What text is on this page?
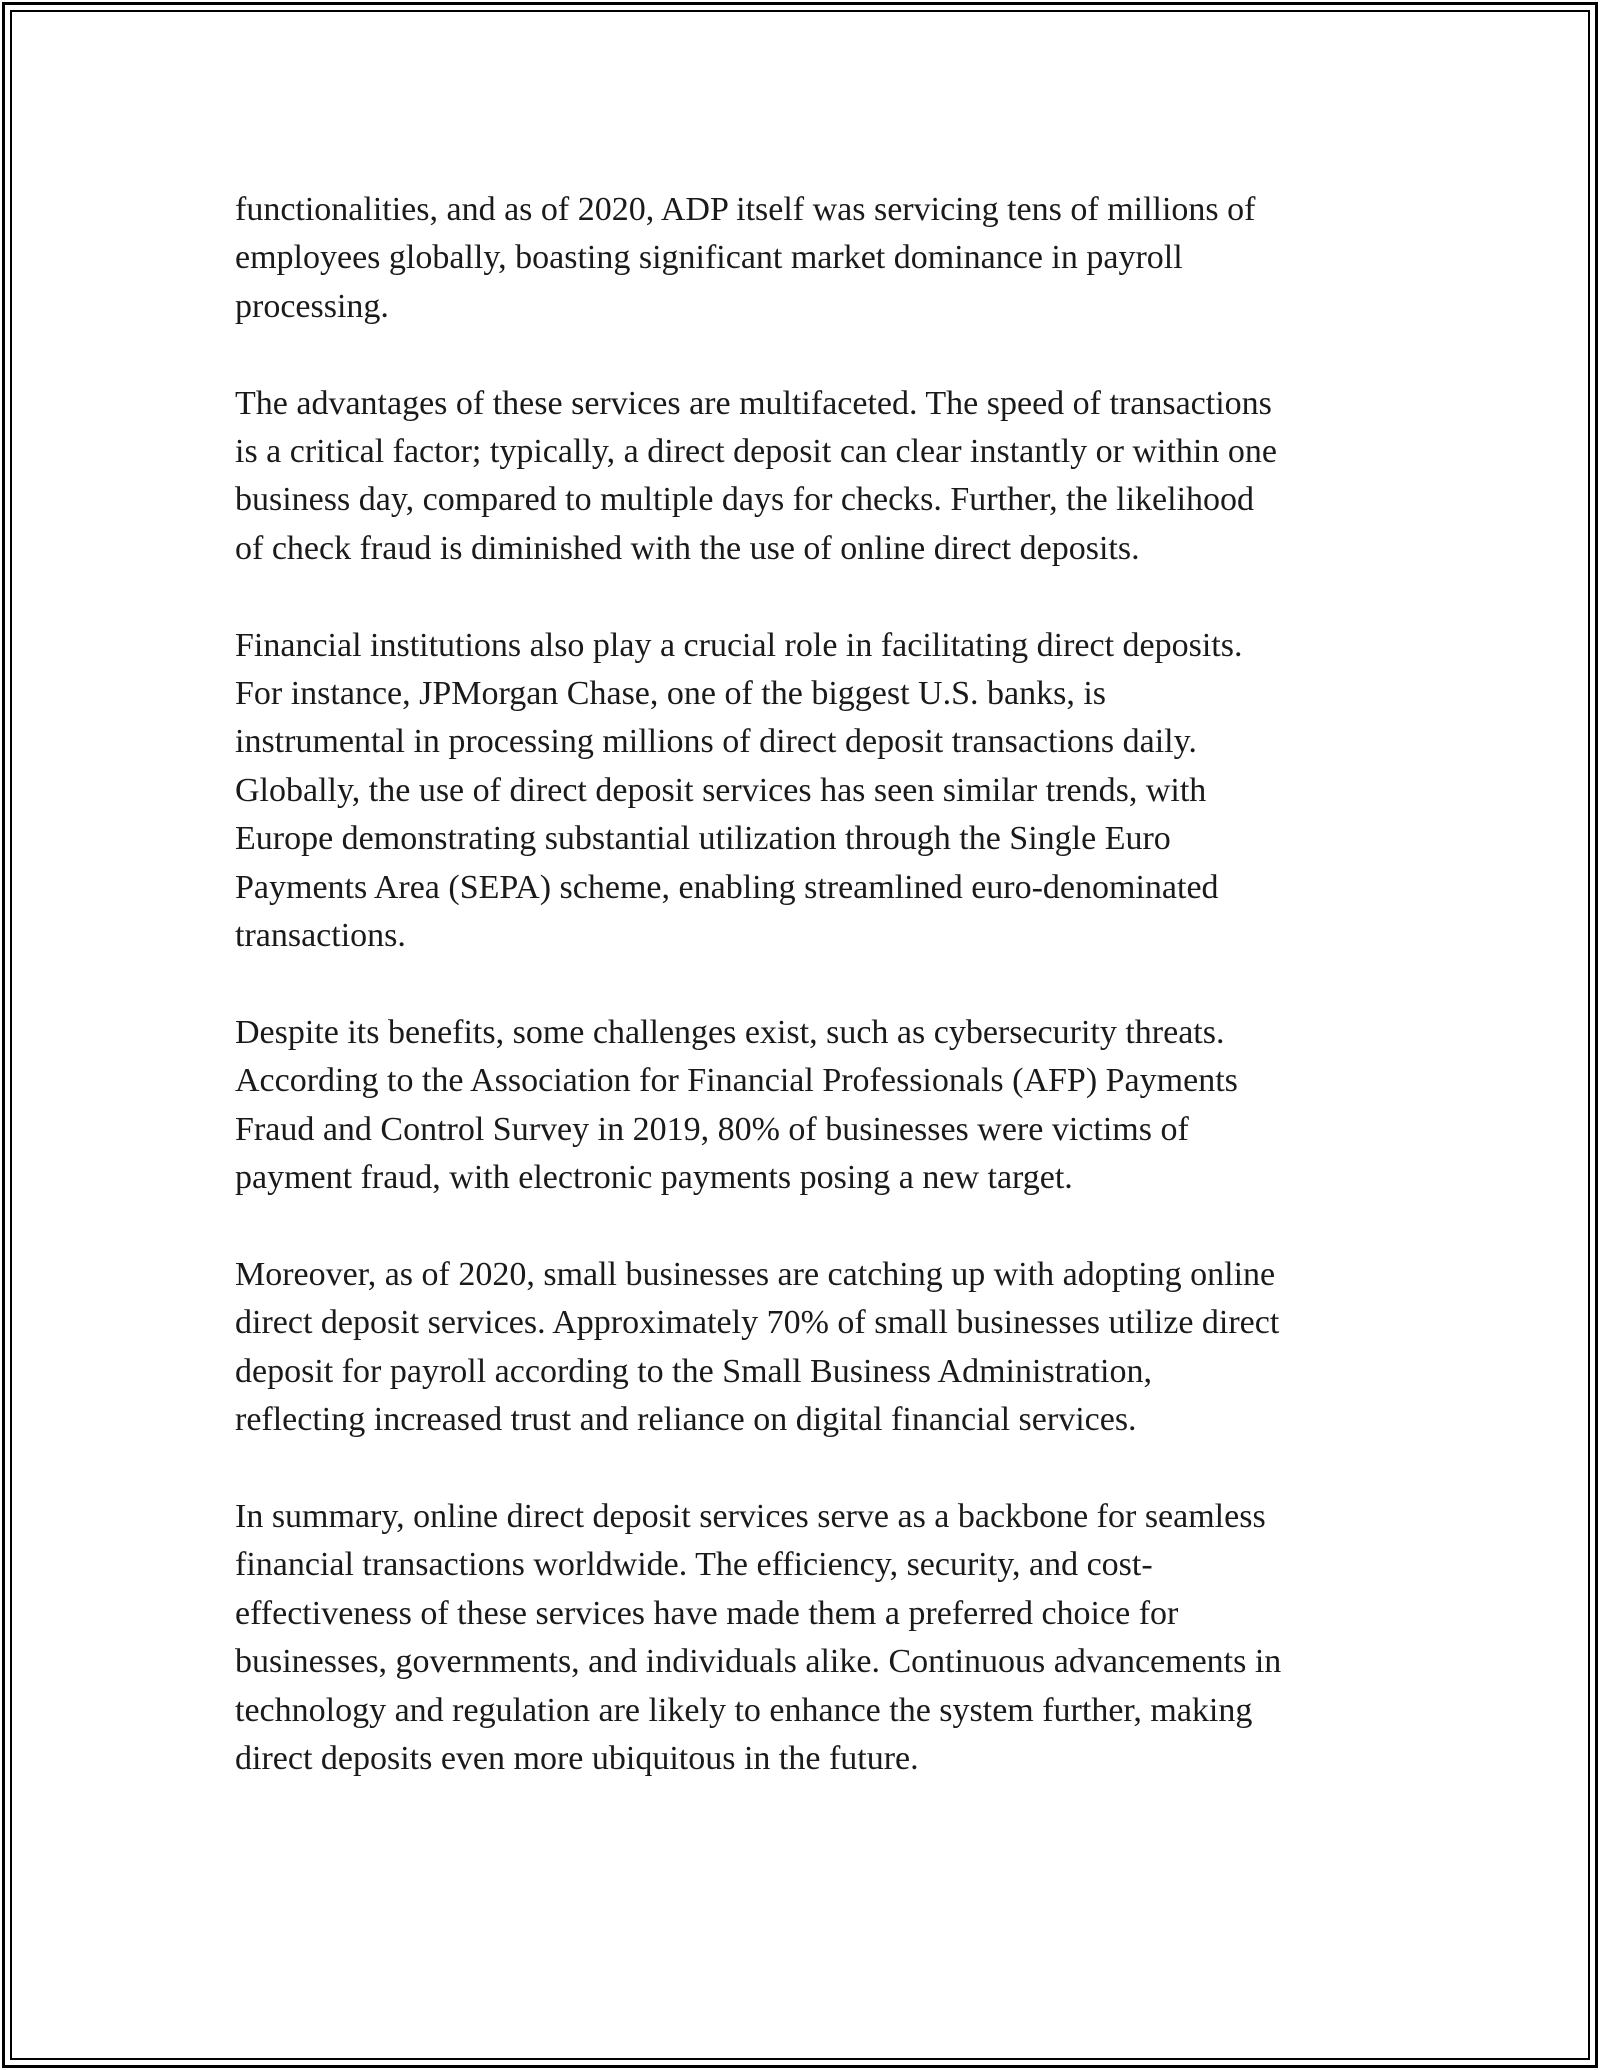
functionalities, and as of 2020, ADP itself was servicing tens of millions of
employees globally, boasting significant market dominance in payroll
processing.

The advantages of these services are multifaceted. The speed of transactions
is a critical factor; typically, a direct deposit can clear instantly or within one
business day, compared to multiple days for checks. Further, the likelihood
of check fraud is diminished with the use of online direct deposits.

Financial institutions also play a crucial role in facilitating direct deposits.
For instance, JPMorgan Chase, one of the biggest U.S. banks, is
instrumental in processing millions of direct deposit transactions daily.
Globally, the use of direct deposit services has seen similar trends, with
Europe demonstrating substantial utilization through the Single Euro
Payments Area (SEPA) scheme, enabling streamlined euro-denominated
transactions.

Despite its benefits, some challenges exist, such as cybersecurity threats.
According to the Association for Financial Professionals (AFP) Payments
Fraud and Control Survey in 2019, 80% of businesses were victims of
payment fraud, with electronic payments posing a new target.

Moreover, as of 2020, small businesses are catching up with adopting online
direct deposit services. Approximately 70% of small businesses utilize direct
deposit for payroll according to the Small Business Administration,
reflecting increased trust and reliance on digital financial services.

In summary, online direct deposit services serve as a backbone for seamless
financial transactions worldwide. The efficiency, security, and cost-
effectiveness of these services have made them a preferred choice for
businesses, governments, and individuals alike. Continuous advancements in
technology and regulation are likely to enhance the system further, making
direct deposits even more ubiquitous in the future.
